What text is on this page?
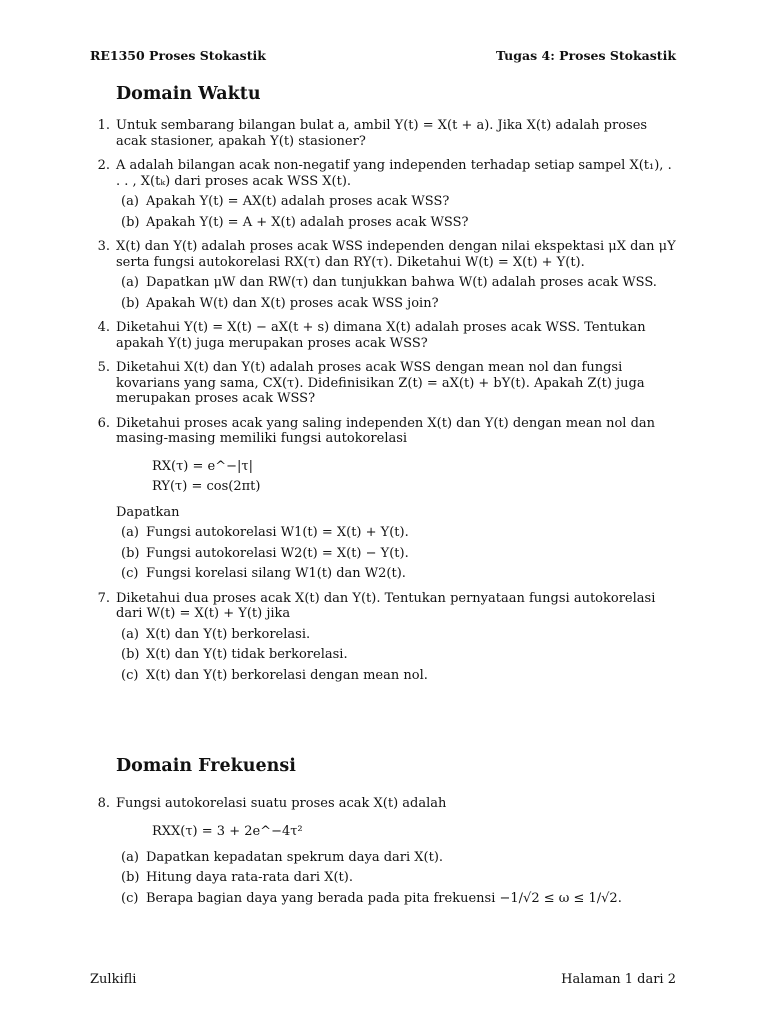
RE1350 Proses Stokastik	Tugas 4: Proses Stokastik
Domain Waktu
1. Untuk sembarang bilangan bulat a, ambil Y(t) = X(t + a). Jika X(t) adalah proses acak stasioner, apakah Y(t) stasioner?
2. A adalah bilangan acak non-negatif yang independen terhadap setiap sampel X(t₁), . . . , X(tₖ) dari proses acak WSS X(t).
(a) Apakah Y(t) = AX(t) adalah proses acak WSS?
(b) Apakah Y(t) = A + X(t) adalah proses acak WSS?
3. X(t) dan Y(t) adalah proses acak WSS independen dengan nilai ekspektasi μX dan μY serta fungsi autokorelasi RX(τ) dan RY(τ). Diketahui W(t) = X(t) + Y(t).
(a) Dapatkan μW dan RW(τ) dan tunjukkan bahwa W(t) adalah proses acak WSS.
(b) Apakah W(t) dan X(t) proses acak WSS join?
4. Diketahui Y(t) = X(t) − aX(t + s) dimana X(t) adalah proses acak WSS. Tentukan apakah Y(t) juga merupakan proses acak WSS?
5. Diketahui X(t) dan Y(t) adalah proses acak WSS dengan mean nol dan fungsi kovarians yang sama, CX(τ). Didefinisikan Z(t) = aX(t) + bY(t). Apakah Z(t) juga merupakan proses acak WSS?
6. Diketahui proses acak yang saling independen X(t) dan Y(t) dengan mean nol dan masing-masing memiliki fungsi autokorelasi
RX(τ) = e^−|τ|
RY(τ) = cos(2πt)
Dapatkan
(a) Fungsi autokorelasi W1(t) = X(t) + Y(t).
(b) Fungsi autokorelasi W2(t) = X(t) − Y(t).
(c) Fungsi korelasi silang W1(t) dan W2(t).
7. Diketahui dua proses acak X(t) dan Y(t). Tentukan pernyataan fungsi autokorelasi dari W(t) = X(t) + Y(t) jika
(a) X(t) dan Y(t) berkorelasi.
(b) X(t) dan Y(t) tidak berkorelasi.
(c) X(t) dan Y(t) berkorelasi dengan mean nol.
Domain Frekuensi
8. Fungsi autokorelasi suatu proses acak X(t) adalah
RXX(τ) = 3 + 2e^−4τ²
(a) Dapatkan kepadatan spekrum daya dari X(t).
(b) Hitung daya rata-rata dari X(t).
(c) Berapa bagian daya yang berada pada pita frekuensi −1/√2 ≤ ω ≤ 1/√2.
Zulkifli	Halaman 1 dari 2
